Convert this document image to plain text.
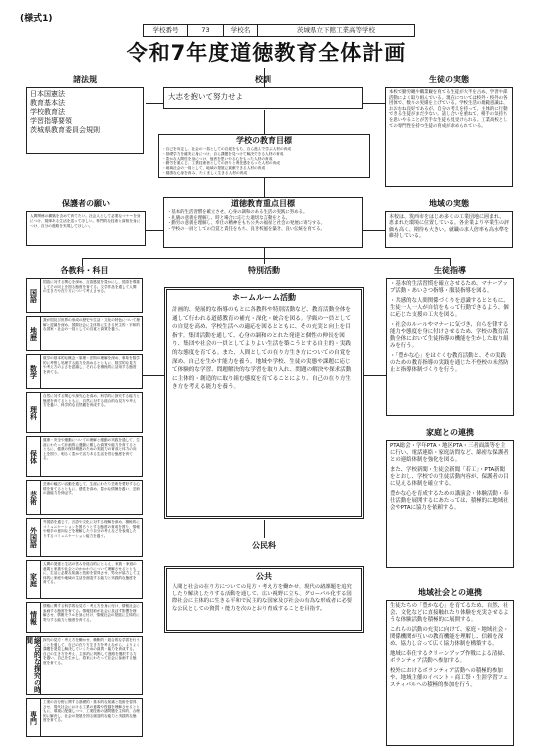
(様式1)
学校番号	73	学校名	茨城県立下館工業高等学校
令和7年度道徳教育全体計画
諸法規
日本国憲法
教育基本法
学校教育法
学習指導要領
茨城県教育委員会規則
校訓
大志を抱いて努力せよ
生徒の実態
本校で勤労観や職業観を育てる生徒が大半を占め、学習や部活動によく取り組んでいる。現在については校外・校外の各団体で、数々の実績を上げている。学校生活の規範意識は、おおむね良好であるが、自分の考えを持って、主体的に行動できる生徒がまだ少ない。話し合いを重ねて、相手の気持ちを思いやることが苦手な生徒も見受けられる。工業高校としての専門性を持つ生徒の育成が求められている。
学校の教育目標
・自己を肯定し、社会の一員としての自覚をもち、自ら進んで学ぶ人材の育成
・基礎学力を確実に身につけ、自ら課題を見つけて解決できる人材の育成
・豊かな人間性を身につけ、他者を思いやる心をもった人材の育成
・勤労を重んじ、工業技術者としての誇りと責任感をもった人材の育成
・地域社会の一員として、地域の発展に貢献できる人材の育成
・健康な心身を育み、たくましく生きる人材の育成
保護者の願い
人間関係の構築を含めて育てたい。社会人として必要なマナーを身につけ、規律ある生活を送ってほしい。専門的な技術と資格を身につけ、自分の進路を実現してほしい。
道徳教育重点目標
・基本的生活習慣を確立させ、心身の調和のある生活の実践に努める。
・礼儀の意義を理解し、時と場合に応じた適切な言動をとる。
・勤労の意義を理解し、奉仕の精神をもち公共の福祉と社会の発展に寄与する。
・学校の一員としての自覚と責任をもち、良き校風を築き、良い伝統を育てる。
地域の実態
本校は、筑西市をはじめ多くの工業団地に囲まれ、恵まれた環境に位置している。各企業より卒業生の評価も高く、期待も大きい。就職の求人倍率も高水準を維持している。
各教科・科目
国語
国語に対する関心を深め、言語感覚を豊かにし、国語を尊重してその向上を図る態度を育てる。文学作品を通して人間の生き方や在り方について考えさせる。
地歴
我が国及び世界の形成の歴史や生活・文化の特色について理解と認識を深め、国際社会に主体的に生きる民主的・平和的な国家・社会の一員としての自覚と資質を養う。
数学
数学の基本的な概念・原理・法則の理解を深め、事象を数学的に考察し処理する能力を高めるとともに、数学的な見方や考え方のよさを認識し、それらを積極的に活用する態度を育てる。
理科
自然に対する関心や探究心を高め、科学的に探究する能力と態度を育てるとともに、自然に対する総合的な見方や考え方を養い、科学的な自然観を育成する。
保体
健康・安全や運動についての理解と運動の実践を通して、生涯にわたって計画的に運動に親しむ資質や能力を育てるとともに、健康の保持増進のための実践力の育成と体力の向上を図り、明るく豊かで活力ある生活を営む態度を育てる。
芸術
芸術の幅広い活動を通して、生涯にわたり芸術を愛好する心情を育てるとともに、感性を高め、豊かな情操を養い、芸術の諸能力を伸ばす。
外国語
外国語を通じて、言語や文化に対する理解を深め、積極的にコミュニケーションを図ろうとする態度の育成を図り、情報や相手の意向などを理解したり自分の考えなどを表現したりするコミュニケーション能力を養う。
家庭
人間の発達と生活の営みを総合的にとらえ、家族・家庭の意義と家族や社会とのかかわりについて理解させるとともに、生活に必要な知識と技術を習得させ、男女が協力して主体的に家庭や地域の生活を創造する能力と実践的な態度を育てる。
情報
情報に関する科学的な見方・考え方を身に付け、情報社会に参画する態度を育てる。情報技術が社会に及ぼす影響を理解させ、情報モラルを身に付け、情報社会の発展に主体的に寄与する能力と態度を育てる。
総合的な探究の時間	探究の見方・考え方を働かせ、横断的・総合的な学習を行うことを通して、自己の在り方生き方を考えながら、よりよく課題を発見し解決していくための資質・能力を育成する。自己の生き方を考え、主体的に判断して進路を選択する力を養い、自己を生かし、将来にわたって社会に参画する態度を育てる。
専門
工業の各分野に関する基礎的・基本的な知識と技術を習得させ、現代社会における工業の意義や役割を理解させるとともに、環境に配慮しつつ、工業技術の諸問題を主体的、合理的に解決し、社会の発展を図る創造的な能力と実践的な態度を育てる。
特別活動
ホームルーム活動
計画的、発展的な指導のもとに各教科や特別活動など、教育活動全体を通して行われる道徳教育の補充・深化・統合を図る。学級の一員としての自覚を高め、学校生活への適応を図るとともに、その充実と向上を目指す。集団活動を通して、心身の調和のとれた発達と個性の伸長を図り、集団や社会の一員としてよりよい生活を築こうとする自主的・実践的な態度を育てる。また、人間としての在り方生き方についての自覚を深め、自己を生かす能力を養う。地域や学校、生徒の実態や課題に応じて体験的な学習、問題解決的な学習を取り入れ、問題の解決や探求活動に主体的・創造的に取り組む態度を育てることにより、自己の在り方生き方を考える能力を養う。
生徒指導
・基本的生活習慣を確立させるため、マナーアップ活動・あいさつ指導・服装指導を図る。
・共感的な人間関係づくりを意識するとともに、生徒一人一人が自信をもって行動できるよう、個に応じた支援の工夫を図る。
・社会のルールやマナーに気づき、自らを律する能力や態度を身に付けさせるため、学校の教育活動全体において生徒指導の機能を生かした取り組みを行う。
・「豊かな心」をはぐくむ教育活動と、その実践のための教育指導の実践を通じた不登校の未然防止と指導体制づくりを行う。
家庭との連携
PTA総会・学年PTA・地区PTA・三者面談等を主に行い、電話連絡・家庭訪問など、綿密な保護者との連絡体制を強化を図る。
また、学校新聞・生徒会新聞「若工」・PTA新聞をとおし、学校での生徒活動内容が、保護者の目に見える体制を確立する。
豊かな心を育成するための講演会・体験活動・奉仕活動を展開するにあたっては、積極的に地域社会やPTAに協力を依頼する。
公民科
公共
人間と社会の在り方についての見方・考え方を働かせ、現代の諸課題を追究したり解決したりする活動を通して、広い視野に立ち、グローバル化する国際社会に主体的に生きる平和で民主的な国家及び社会の有為な形成者に必要な公民としての資質・能力を次のとおり育成することを目指す。
地域社会との連携
生徒たちの「豊かな心」を育てるため、自然、社会、文化などに直接触れたり体験を充実させるような体験活動を積極的に展開する。
これらの活動の充実に向けて、家庭・地域社会・関係機関が互いの教育機能を理解し、信頼を深め、協力し合って広く協力体制を構築する。
地域に奉仕するクリーンアップ作戦による清掃、ボランティア活動へ参加する。
校外におけるボランティア活動への積極的参加や、地域主催のイベント・商工祭・生涯学習フェスティバルへの積極的参加を行う。
